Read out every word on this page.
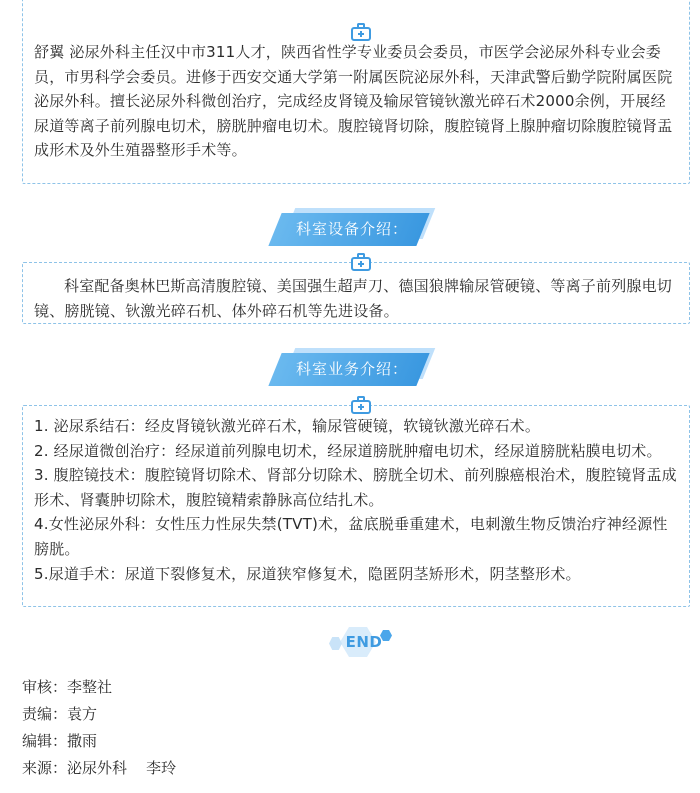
舒翼 泌尿外科主任汉中市311人才，陕西省性学专业委员会委员，市医学会泌尿外科专业会委员，市男科学会委员。进修于西安交通大学第一附属医院泌尿外科，天津武警后勤学院附属医院泌尿外科。擅长泌尿外科微创治疗，完成经皮肾镜及输尿管镜钬激光碎石术2000余例，开展经尿道等离子前列腺电切术，膀胱肿瘤电切术。腹腔镜肾切除，腹腔镜肾上腺肿瘤切除腹腔镜肾盂成形术及外生殖器整形手术等。
科室设备介绍：
科室配备奥林巴斯高清腹腔镜、美国强生超声刀、德国狼牌输尿管硬镜、等离子前列腺电切镜、膀胱镜、钬激光碎石机、体外碎石机等先进设备。
科室业务介绍：
1. 泌尿系结石：经皮肾镜钬激光碎石术，输尿管硬镜，软镜钬激光碎石术。
2. 经尿道微创治疗：经尿道前列腺电切术，经尿道膀胱肿瘤电切术，经尿道膀胱粘膜电切术。
3. 腹腔镜技术：腹腔镜肾切除术、肾部分切除术、膀胱全切术、前列腺癌根治术，腹腔镜肾盂成形术、肾囊肿切除术，腹腔镜精索静脉高位结扎术。
4.女性泌尿外科：女性压力性尿失禁(TVT)术，盆底脱垂重建术，电刺激生物反馈治疗神经源性膀胱。
5.尿道手术：尿道下裂修复术，尿道狭窄修复术，隐匿阴茎矫形术，阴茎整形术。
END
审核：李整社
责编：袁方
编辑：撒雨
来源：泌尿外科    李玲
